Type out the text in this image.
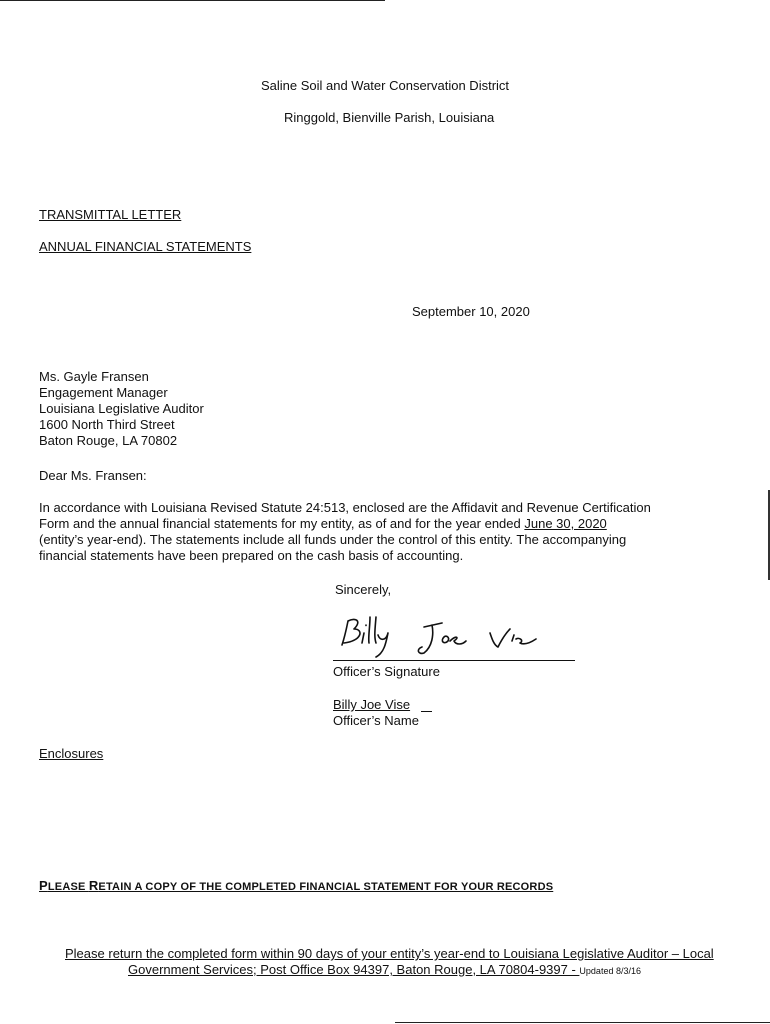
Saline Soil and Water Conservation District
Ringgold, Bienville Parish, Louisiana
TRANSMITTAL LETTER
ANNUAL FINANCIAL STATEMENTS
September 10, 2020
Ms. Gayle Fransen
Engagement Manager
Louisiana Legislative Auditor
1600 North Third Street
Baton Rouge, LA 70802
Dear Ms. Fransen:
In accordance with Louisiana Revised Statute 24:513, enclosed are the Affidavit and Revenue Certification
Form and the annual financial statements for my entity, as of and for the year ended June 30, 2020
(entity’s year-end). The statements include all funds under the control of this entity. The accompanying
financial statements have been prepared on the cash basis of accounting.
Sincerely,
Officer’s Signature
Billy Joe Vise
Officer’s Name
Enclosures
PLEASE RETAIN A COPY OF THE COMPLETED FINANCIAL STATEMENT FOR YOUR RECORDS
Please return the completed form within 90 days of your entity’s year-end to Louisiana Legislative Auditor – Local
Government Services; Post Office Box 94397, Baton Rouge, LA 70804-9397 - Updated 8/3/16
